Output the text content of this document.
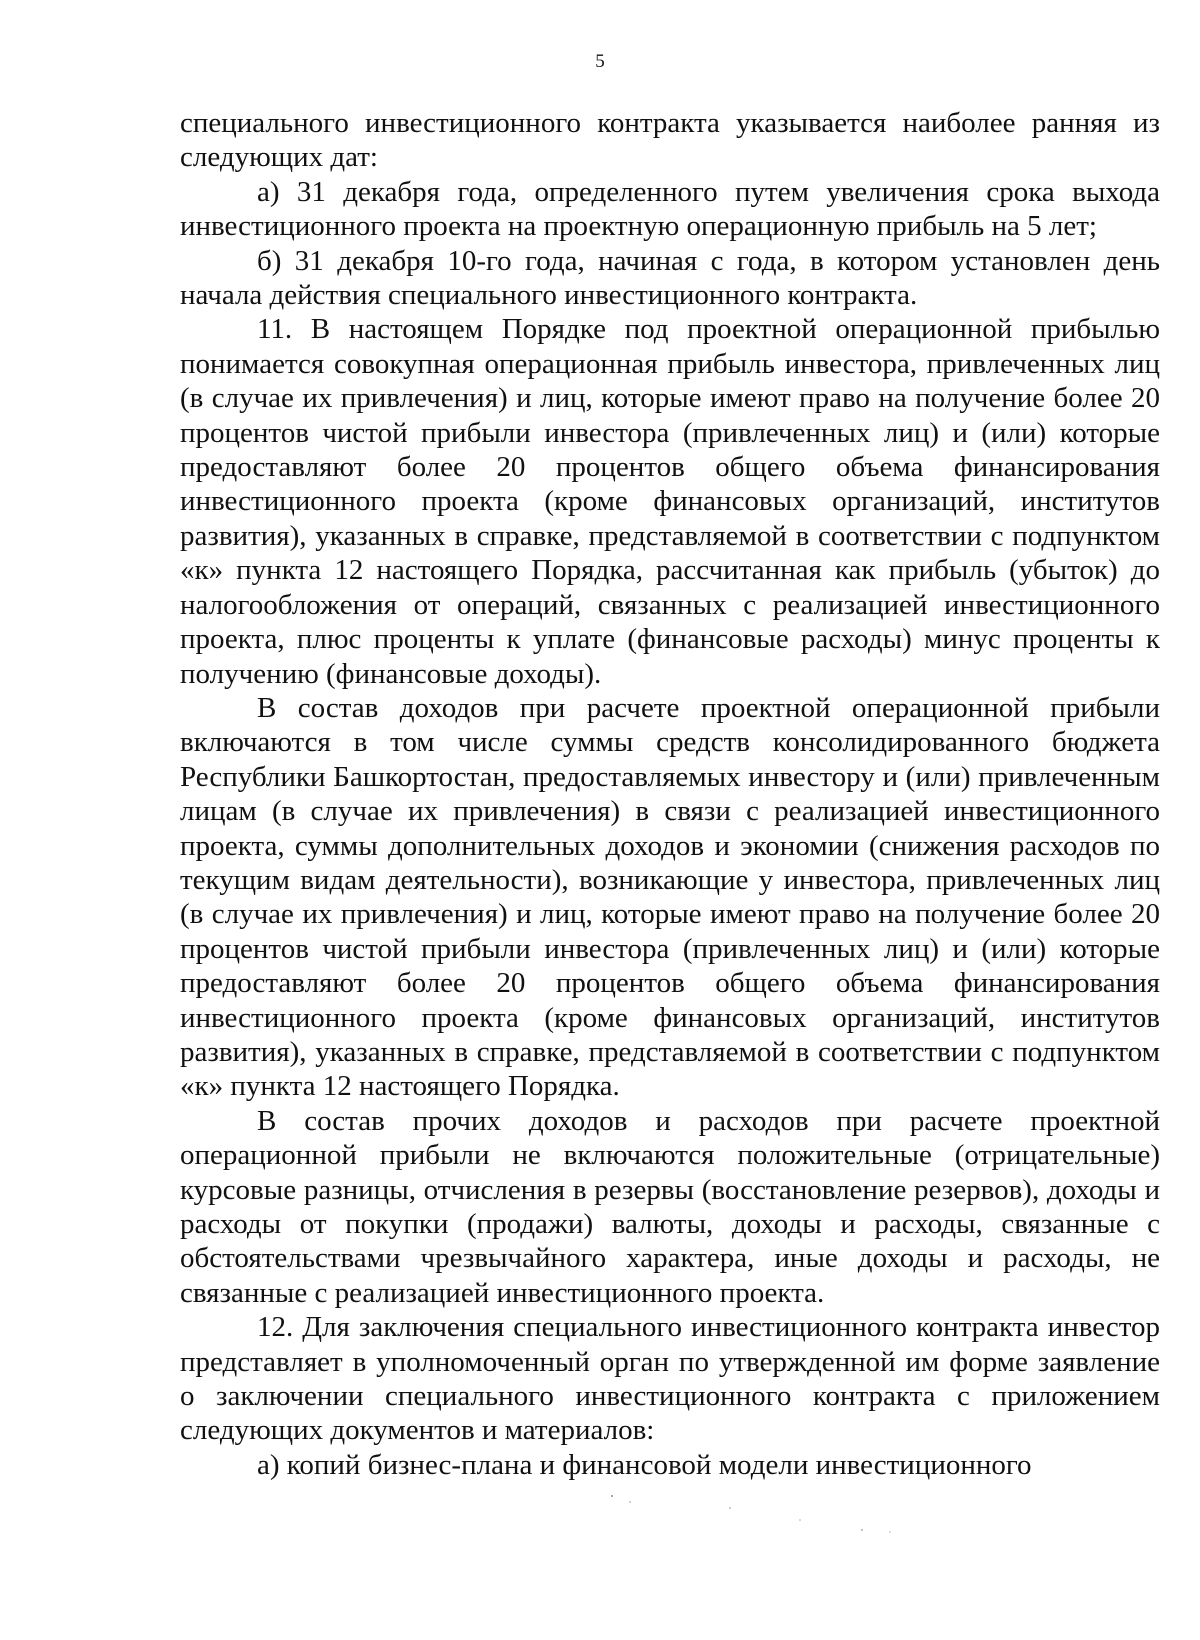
5

специального инвестиционного контракта указывается наиболее ранняя из следующих дат:

а) 31 декабря года, определенного путем увеличения срока выхода инвестиционного проекта на проектную операционную прибыль на 5 лет;

б) 31 декабря 10-го года, начиная с года, в котором установлен день начала действия специального инвестиционного контракта.

11. В настоящем Порядке под проектной операционной прибылью понимается совокупная операционная прибыль инвестора, привлеченных лиц (в случае их привлечения) и лиц, которые имеют право на получение более 20 процентов чистой прибыли инвестора (привлеченных лиц) и (или) которые предоставляют более 20 процентов общего объема финансирования инвестиционного проекта (кроме финансовых организаций, институтов развития), указанных в справке, представляемой в соответствии с подпунктом «к» пункта 12 настоящего Порядка, рассчитанная как прибыль (убыток) до налогообложения от операций, связанных с реализацией инвестиционного проекта, плюс проценты к уплате (финансовые расходы) минус проценты к получению (финансовые доходы).

В состав доходов при расчете проектной операционной прибыли включаются в том числе суммы средств консолидированного бюджета Республики Башкортостан, предоставляемых инвестору и (или) привлеченным лицам (в случае их привлечения) в связи с реализацией инвестиционного проекта, суммы дополнительных доходов и экономии (снижения расходов по текущим видам деятельности), возникающие у инвестора, привлеченных лиц (в случае их привлечения) и лиц, которые имеют право на получение более 20 процентов чистой прибыли инвестора (привлеченных лиц) и (или) которые предоставляют более 20 процентов общего объема финансирования инвестиционного проекта (кроме финансовых организаций, институтов развития), указанных в справке, представляемой в соответствии с подпунктом «к» пункта 12 настоящего Порядка.

В состав прочих доходов и расходов при расчете проектной операционной прибыли не включаются положительные (отрицательные) курсовые разницы, отчисления в резервы (восстановление резервов), доходы и расходы от покупки (продажи) валюты, доходы и расходы, связанные с обстоятельствами чрезвычайного характера, иные доходы и расходы, не связанные с реализацией инвестиционного проекта.

12. Для заключения специального инвестиционного контракта инвестор представляет в уполномоченный орган по утвержденной им форме заявление о заключении специального инвестиционного контракта с приложением следующих документов и материалов:

а) копий бизнес-плана и финансовой модели инвестиционного
